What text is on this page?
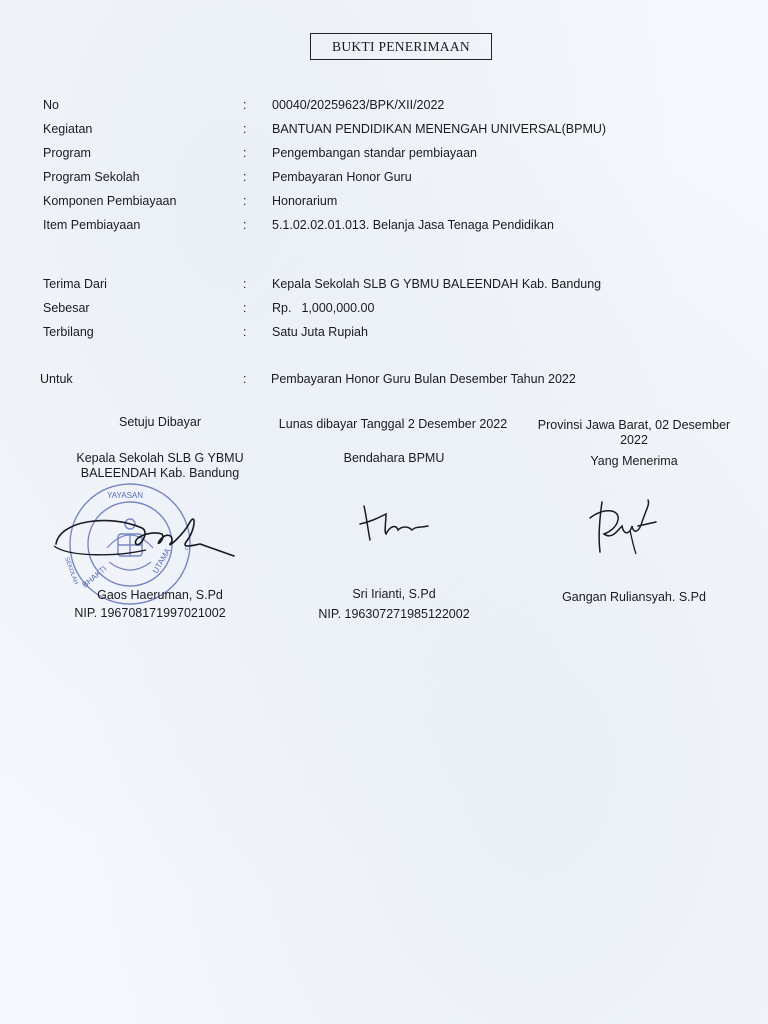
BUKTI PENERIMAAN
No	: 00040/20259623/BPK/XII/2022
Kegiatan	: BANTUAN PENDIDIKAN MENENGAH UNIVERSAL(BPMU)
Program	: Pengembangan standar pembiayaan
Program Sekolah	: Pembayaran Honor Guru
Komponen Pembiayaan	: Honorarium
Item Pembiayaan	: 5.1.02.02.01.013. Belanja Jasa Tenaga Pendidikan
Terima Dari	: Kepala Sekolah SLB G YBMU BALEENDAH Kab. Bandung
Sebesar	: Rp. 1,000,000.00
Terbilang	: Satu Juta Rupiah
Untuk	: Pembayaran Honor Guru Bulan Desember Tahun 2022
Setuju Dibayar
Kepala Sekolah SLB G YBMU
BALEENDAH Kab. Bandung
YAYASAN
BHAKTI
UTAMA
SEKOLAH
G
Gaos Haeruman, S.Pd
NIP. 196708171997021002
Lunas dibayar Tanggal 2 Desember 2022
Bendahara BPMU
Sri Irianti, S.Pd
NIP. 196307271985122002
Provinsi Jawa Barat, 02 Desember
2022
Yang Menerima
Gangan Ruliansyah. S.Pd
